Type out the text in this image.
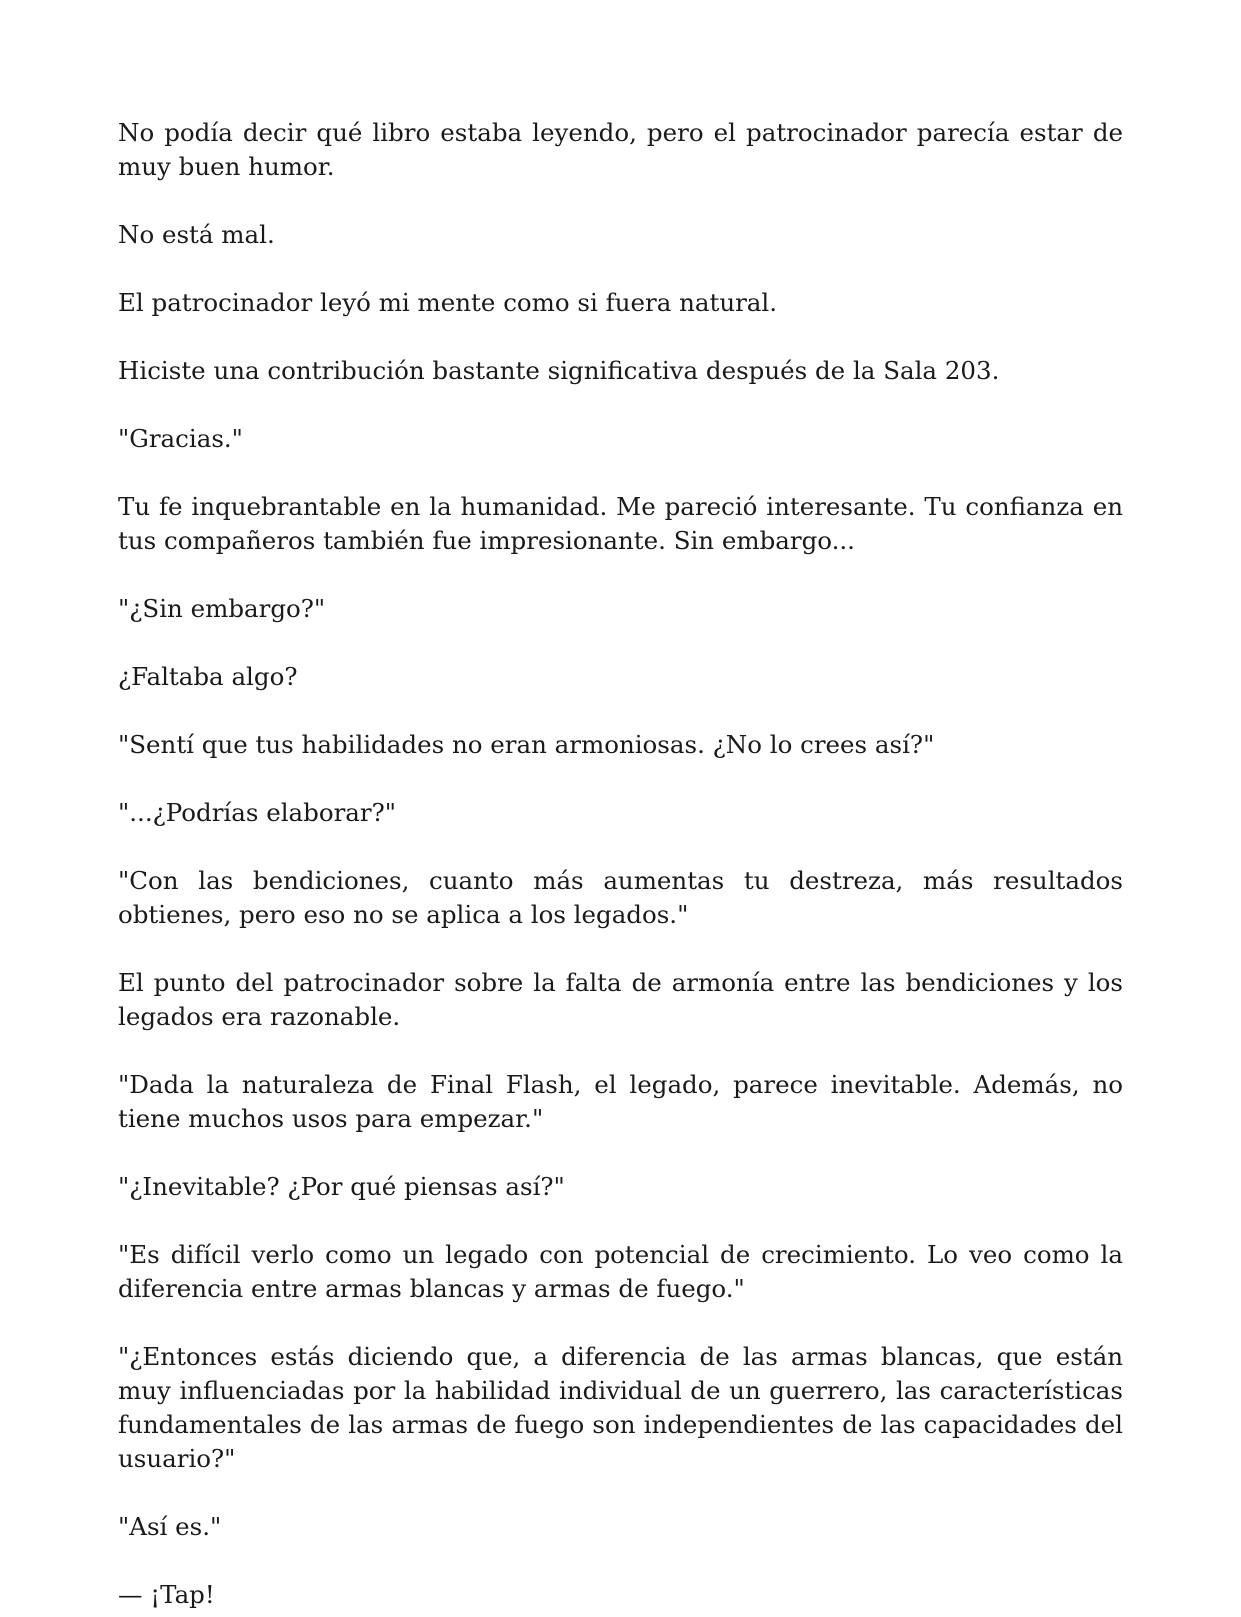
No podía decir qué libro estaba leyendo, pero el patrocinador parecía estar de muy buen humor.

No está mal.

El patrocinador leyó mi mente como si fuera natural.

Hiciste una contribución bastante significativa después de la Sala 203.

"Gracias."

Tu fe inquebrantable en la humanidad. Me pareció interesante. Tu confianza en tus compañeros también fue impresionante. Sin embargo...

"¿Sin embargo?"

¿Faltaba algo?

"Sentí que tus habilidades no eran armoniosas. ¿No lo crees así?"

"...¿Podrías elaborar?"

"Con las bendiciones, cuanto más aumentas tu destreza, más resultados obtienes, pero eso no se aplica a los legados."

El punto del patrocinador sobre la falta de armonía entre las bendiciones y los legados era razonable.

"Dada la naturaleza de Final Flash, el legado, parece inevitable. Además, no tiene muchos usos para empezar."

"¿Inevitable? ¿Por qué piensas así?"

"Es difícil verlo como un legado con potencial de crecimiento. Lo veo como la diferencia entre armas blancas y armas de fuego."

"¿Entonces estás diciendo que, a diferencia de las armas blancas, que están muy influenciadas por la habilidad individual de un guerrero, las características fundamentales de las armas de fuego son independientes de las capacidades del usuario?"

"Así es."

— ¡Tap!
